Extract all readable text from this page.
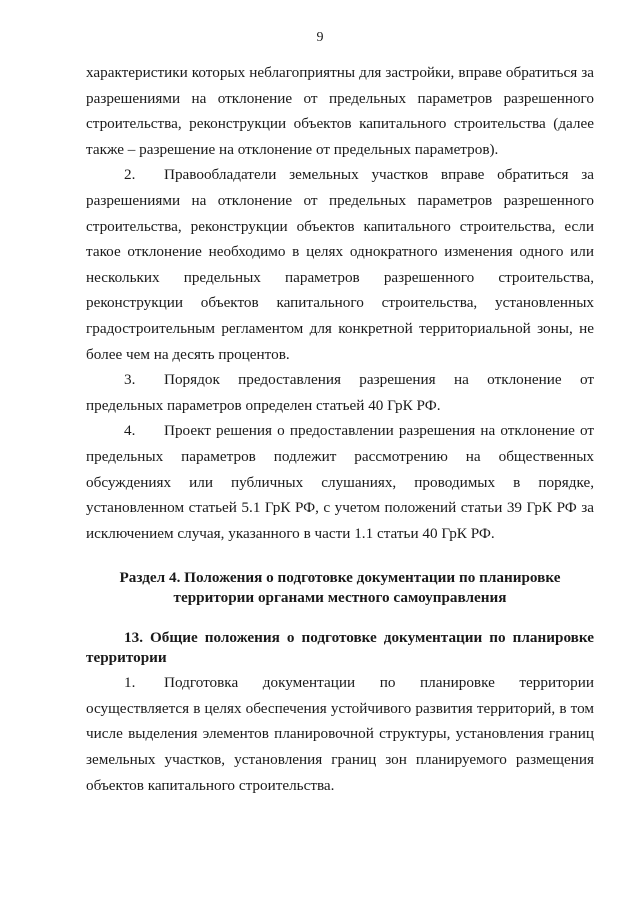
9

характеристики которых неблагоприятны для застройки, вправе обратиться за разрешениями на отклонение от предельных параметров разрешенного строительства, реконструкции объектов капитального строительства (далее также – разрешение на отклонение от предельных параметров).

2. Правообладатели земельных участков вправе обратиться за разрешениями на отклонение от предельных параметров разрешенного строительства, реконструкции объектов капитального строительства, если такое отклонение необходимо в целях однократного изменения одного или нескольких предельных параметров разрешенного строительства, реконструкции объектов капитального строительства, установленных градостроительным регламентом для конкретной территориальной зоны, не более чем на десять процентов.

3. Порядок предоставления разрешения на отклонение от предельных параметров определен статьей 40 ГрК РФ.

4. Проект решения о предоставлении разрешения на отклонение от предельных параметров подлежит рассмотрению на общественных обсуждениях или публичных слушаниях, проводимых в порядке, установленном статьей 5.1 ГрК РФ, с учетом положений статьи 39 ГрК РФ за исключением случая, указанного в части 1.1 статьи 40 ГрК РФ.

Раздел 4. Положения о подготовке документации по планировке
территории органами местного самоуправления

13. Общие положения о подготовке документации по планировке территории

1. Подготовка документации по планировке территории осуществляется в целях обеспечения устойчивого развития территорий, в том числе выделения элементов планировочной структуры, установления границ земельных участков, установления границ зон планируемого размещения объектов капитального строительства.
